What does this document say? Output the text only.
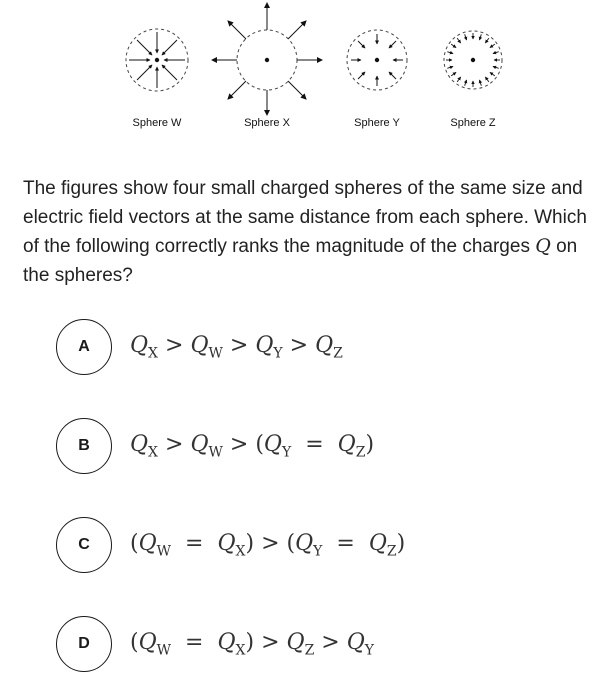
Sphere W	Sphere X	Sphere Y	Sphere Z
The figures show four small charged spheres of the same size and electric field vectors at the same distance from each sphere. Which of the following correctly ranks the magnitude of the charges Q on the spheres?
A	$Q_X > Q_W > Q_Y > Q_Z$
B	$Q_X > Q_W > (Q_Y = Q_Z)$
C	$(Q_W = Q_X) > (Q_Y = Q_Z)$
D	$(Q_W = Q_X) > Q_Z > Q_Y$
